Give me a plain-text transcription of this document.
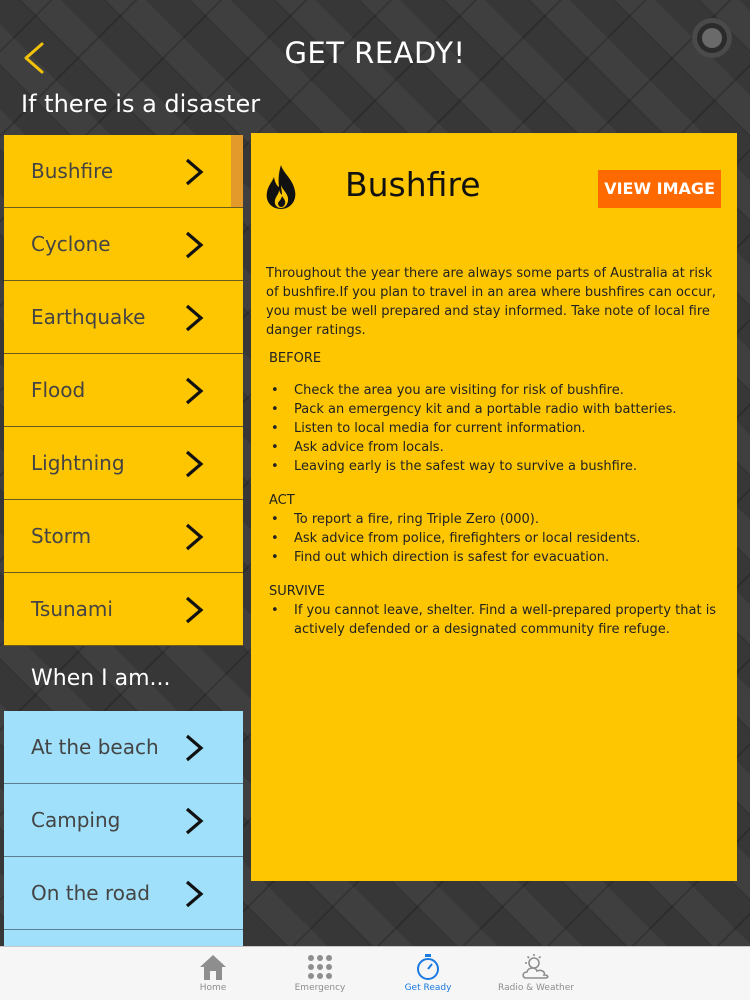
GET READY!
If there is a disaster
Bushfire
Cyclone
Earthquake
Flood
Lightning
Storm
Tsunami
When I am...
At the beach
Camping
On the road
Bushfire	VIEW IMAGE

Throughout the year there are always some parts of Australia at risk of bushfire.If you plan to travel in an area where bushfires can occur, you must be well prepared and stay informed. Take note of local fire danger ratings.

BEFORE
• Check the area you are visiting for risk of bushfire.
• Pack an emergency kit and a portable radio with batteries.
• Listen to local media for current information.
• Ask advice from locals.
• Leaving early is the safest way to survive a bushfire.
ACT
• To report a fire, ring Triple Zero (000).
• Ask advice from police, firefighters or local residents.
• Find out which direction is safest for evacuation.
SURVIVE
• If you cannot leave, shelter. Find a well-prepared property that is actively defended or a designated community fire refuge.
Home	Emergency	Get Ready	Radio & Weather
